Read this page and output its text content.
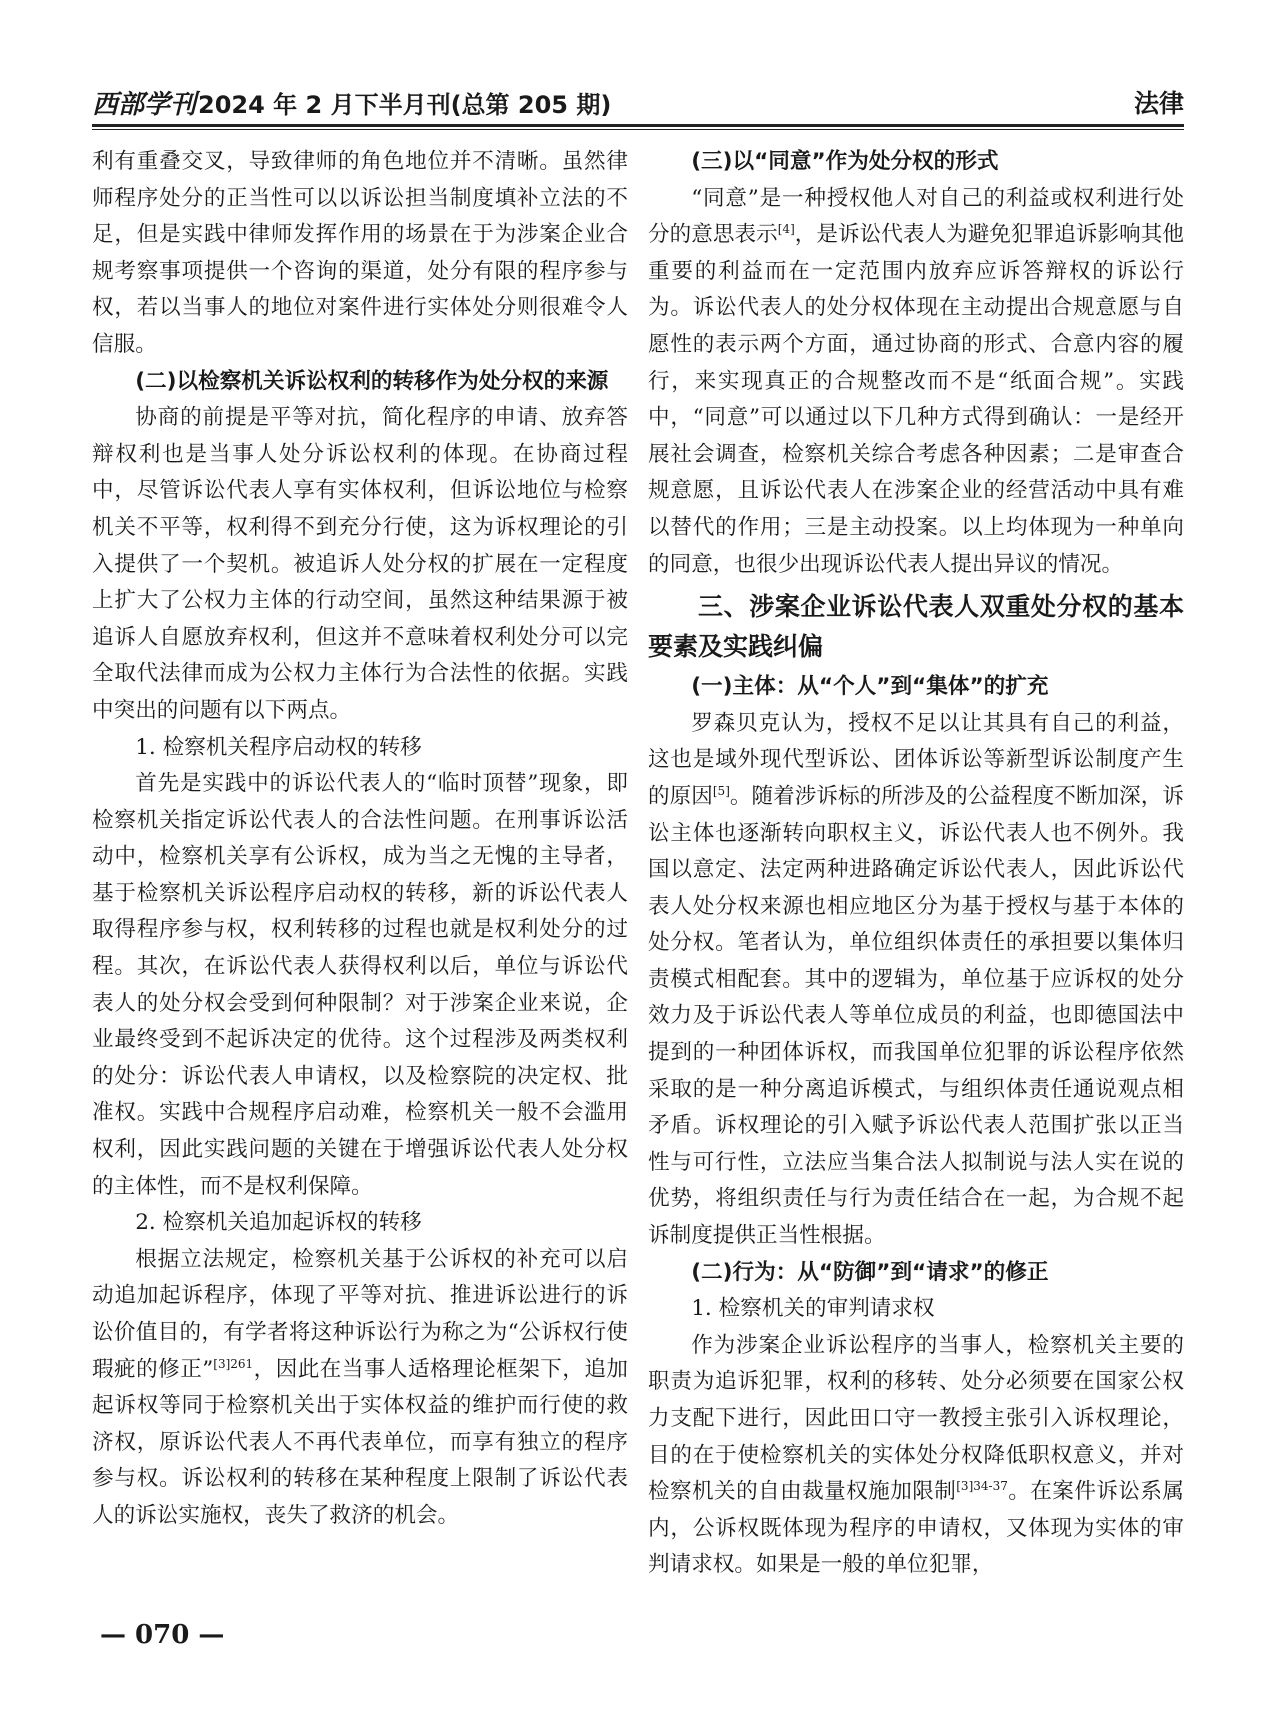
西部学刊2024 年 2 月下半月刊(总第 205 期)	法律

利有重叠交叉，导致律师的角色地位并不清晰。虽然律师程序处分的正当性可以以诉讼担当制度填补立法的不足，但是实践中律师发挥作用的场景在于为涉案企业合规考察事项提供一个咨询的渠道，处分有限的程序参与权，若以当事人的地位对案件进行实体处分则很难令人信服。

(二)以检察机关诉讼权利的转移作为处分权的来源

协商的前提是平等对抗，简化程序的申请、放弃答辩权利也是当事人处分诉讼权利的体现。在协商过程中，尽管诉讼代表人享有实体权利，但诉讼地位与检察机关不平等，权利得不到充分行使，这为诉权理论的引入提供了一个契机。被追诉人处分权的扩展在一定程度上扩大了公权力主体的行动空间，虽然这种结果源于被追诉人自愿放弃权利，但这并不意味着权利处分可以完全取代法律而成为公权力主体行为合法性的依据。实践中突出的问题有以下两点。

1. 检察机关程序启动权的转移

首先是实践中的诉讼代表人的“临时顶替”现象，即检察机关指定诉讼代表人的合法性问题。在刑事诉讼活动中，检察机关享有公诉权，成为当之无愧的主导者，基于检察机关诉讼程序启动权的转移，新的诉讼代表人取得程序参与权，权利转移的过程也就是权利处分的过程。其次，在诉讼代表人获得权利以后，单位与诉讼代表人的处分权会受到何种限制？对于涉案企业来说，企业最终受到不起诉决定的优待。这个过程涉及两类权利的处分：诉讼代表人申请权，以及检察院的决定权、批准权。实践中合规程序启动难，检察机关一般不会滥用权利，因此实践问题的关键在于增强诉讼代表人处分权的主体性，而不是权利保障。

2. 检察机关追加起诉权的转移

根据立法规定，检察机关基于公诉权的补充可以启动追加起诉程序，体现了平等对抗、推进诉讼进行的诉讼价值目的，有学者将这种诉讼行为称之为“公诉权行使瑕疵的修正”$^{[3]261}$，因此在当事人适格理论框架下，追加起诉权等同于检察机关出于实体权益的维护而行使的救济权，原诉讼代表人不再代表单位，而享有独立的程序参与权。诉讼权利的转移在某种程度上限制了诉讼代表人的诉讼实施权，丧失了救济的机会。

(三)以“同意”作为处分权的形式

“同意”是一种授权他人对自己的利益或权利进行处分的意思表示[4]，是诉讼代表人为避免犯罪追诉影响其他重要的利益而在一定范围内放弃应诉答辩权的诉讼行为。诉讼代表人的处分权体现在主动提出合规意愿与自愿性的表示两个方面，通过协商的形式、合意内容的履行，来实现真正的合规整改而不是“纸面合规”。实践中，“同意”可以通过以下几种方式得到确认：一是经开展社会调查，检察机关综合考虑各种因素；二是审查合规意愿，且诉讼代表人在涉案企业的经营活动中具有难以替代的作用；三是主动投案。以上均体现为一种单向的同意，也很少出现诉讼代表人提出异议的情况。

三、涉案企业诉讼代表人双重处分权的基本要素及实践纠偏

(一)主体：从“个人”到“集体”的扩充

罗森贝克认为，授权不足以让其具有自己的利益，这也是域外现代型诉讼、团体诉讼等新型诉讼制度产生的原因[5]。随着涉诉标的所涉及的公益程度不断加深，诉讼主体也逐渐转向职权主义，诉讼代表人也不例外。我国以意定、法定两种进路确定诉讼代表人，因此诉讼代表人处分权来源也相应地区分为基于授权与基于本体的处分权。笔者认为，单位组织体责任的承担要以集体归责模式相配套。其中的逻辑为，单位基于应诉权的处分效力及于诉讼代表人等单位成员的利益，也即德国法中提到的一种团体诉权，而我国单位犯罪的诉讼程序依然采取的是一种分离追诉模式，与组织体责任通说观点相矛盾。诉权理论的引入赋予诉讼代表人范围扩张以正当性与可行性，立法应当集合法人拟制说与法人实在说的优势，将组织责任与行为责任结合在一起，为合规不起诉制度提供正当性根据。

(二)行为：从“防御”到“请求”的修正

1. 检察机关的审判请求权

作为涉案企业诉讼程序的当事人，检察机关主要的职责为追诉犯罪，权利的移转、处分必须要在国家公权力支配下进行，因此田口守一教授主张引入诉权理论，目的在于使检察机关的实体处分权降低职权意义，并对检察机关的自由裁量权施加限制$^{[3]34-37}$。在案件诉讼系属内，公诉权既体现为程序的申请权，又体现为实体的审判请求权。如果是一般的单位犯罪，

— 070 —
